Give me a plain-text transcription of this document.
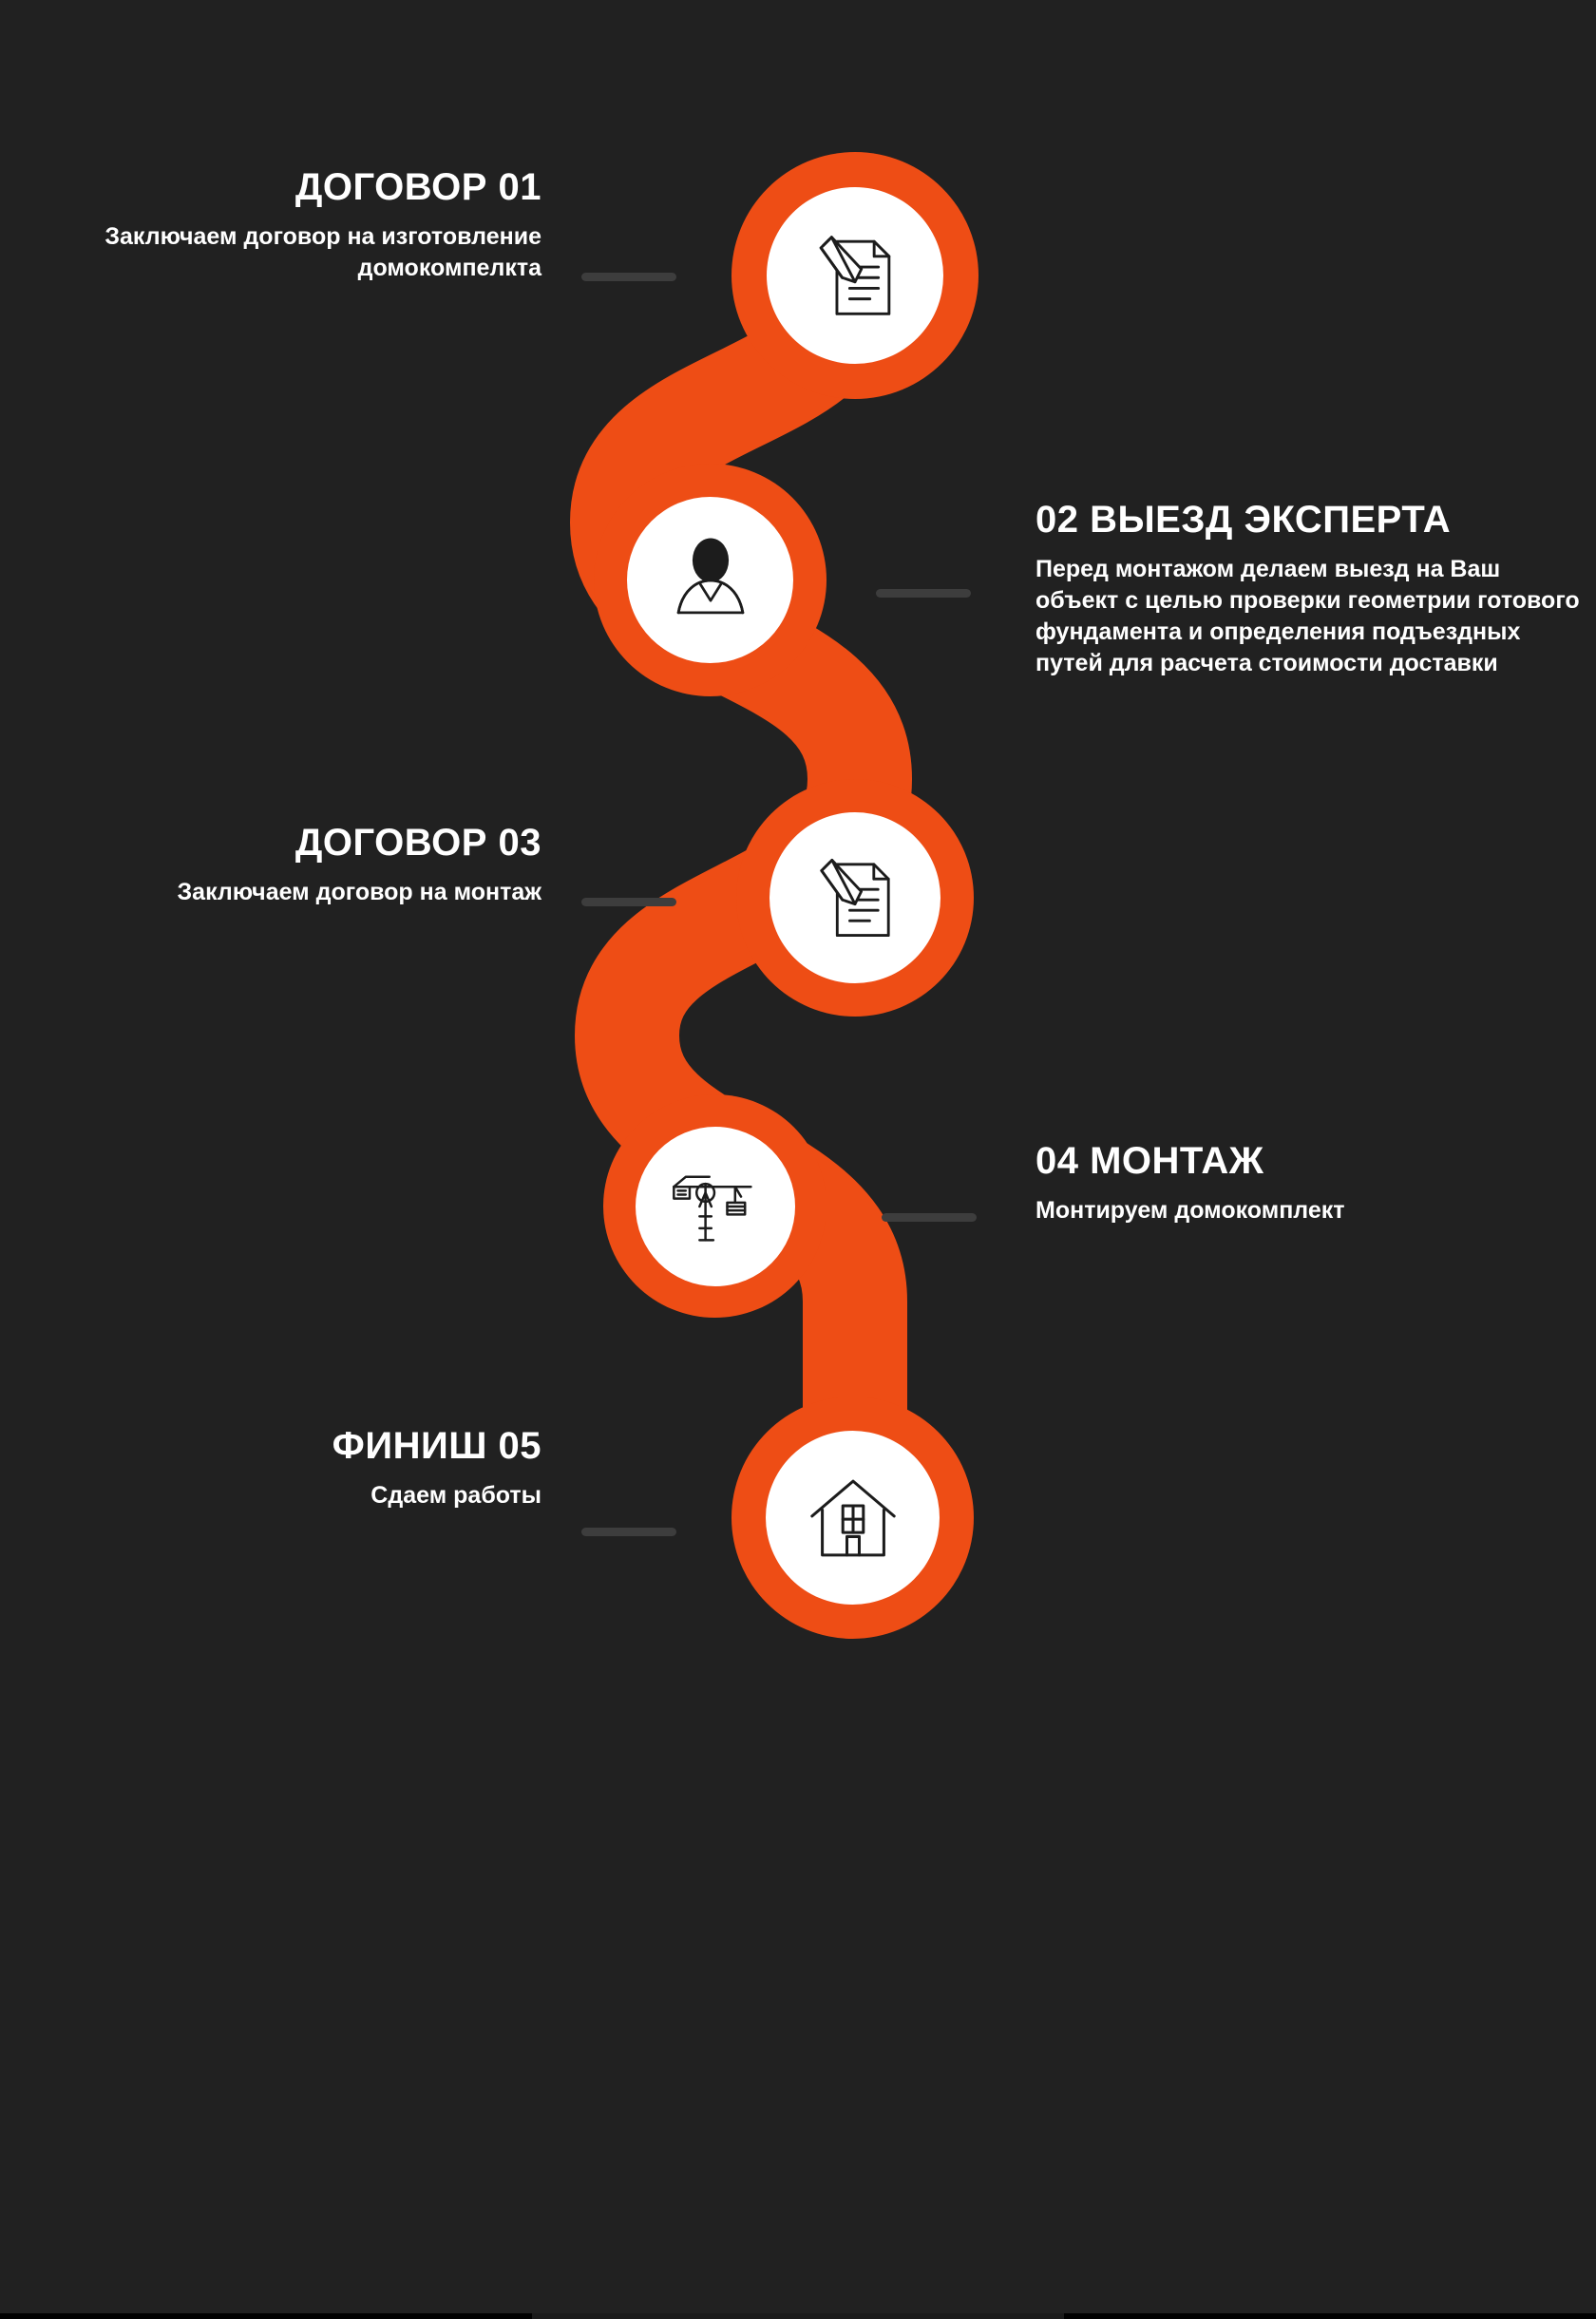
ДОГОВОР 01
Заключаем договор на изготовление домокомпелкта
02 ВЫЕЗД ЭКСПЕРТА
Перед монтажом делаем выезд на Ваш объект с целью проверки геометрии готового фундамента и определения подъездных путей для расчета стоимости доставки
ДОГОВОР 03
Заключаем договор на монтаж
04 МОНТАЖ
Монтируем домокомплект
ФИНИШ 05
Сдаем работы
